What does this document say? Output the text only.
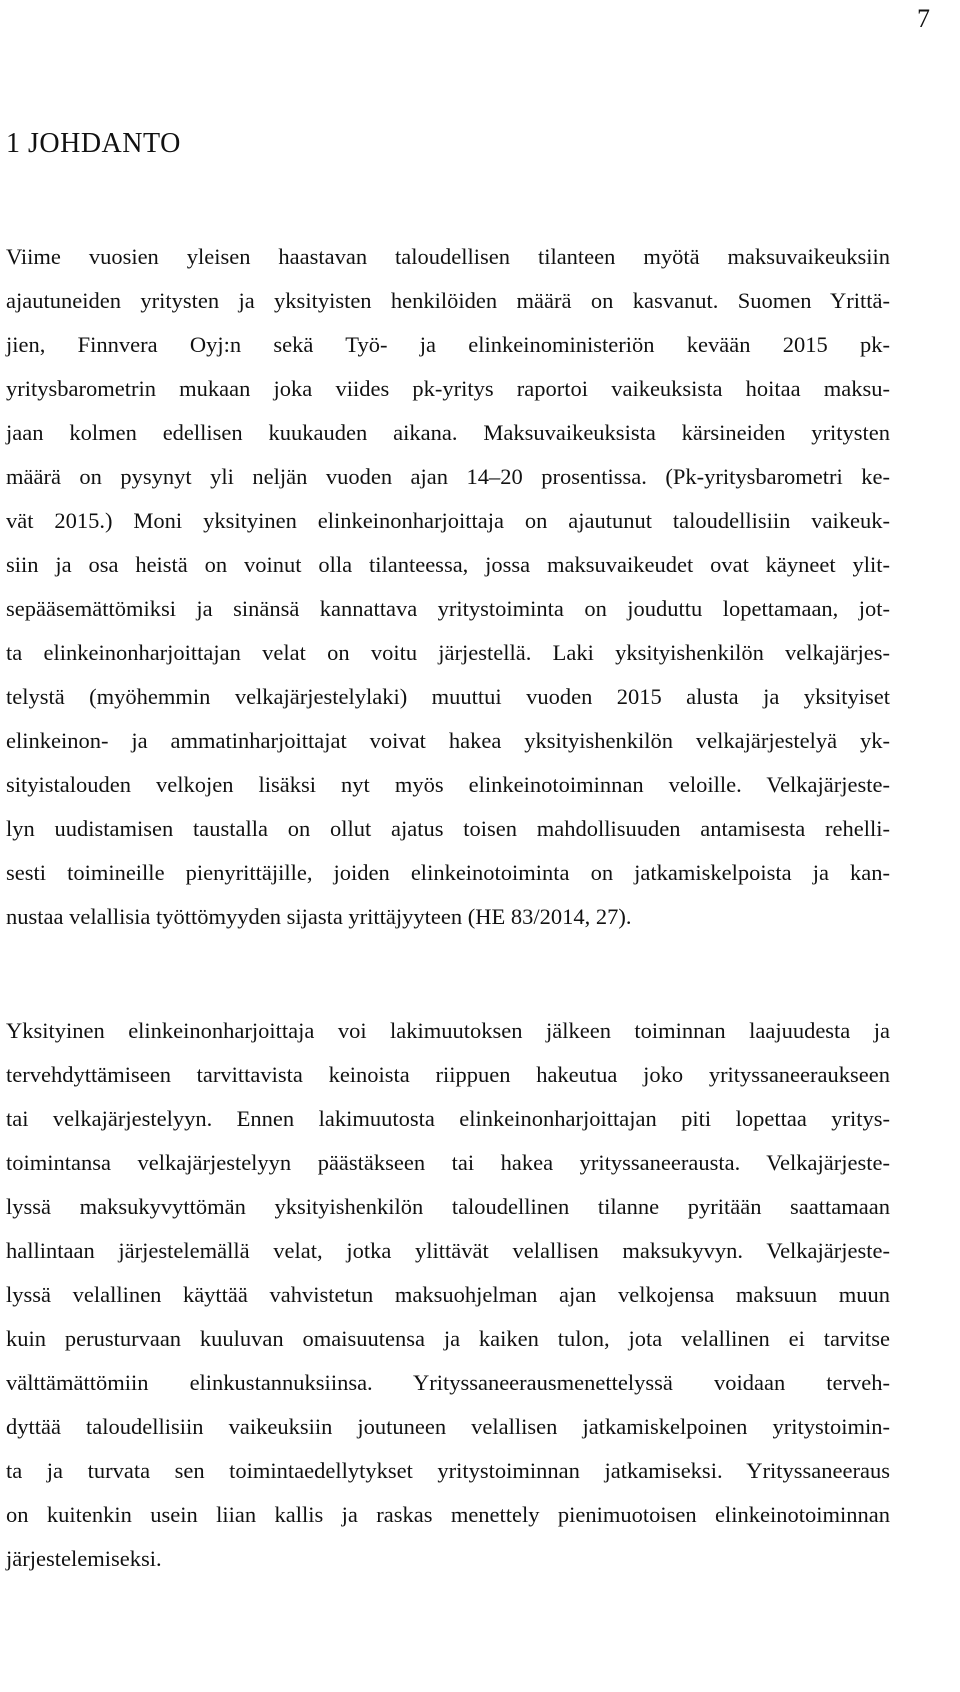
7
1 JOHDANTO
Viime vuosien yleisen haastavan taloudellisen tilanteen myötä maksuvaikeuksiin
ajautuneiden yritysten ja yksityisten henkilöiden määrä on kasvanut. Suomen Yrittä-
jien, Finnvera Oyj:n sekä Työ- ja elinkeinoministeriön kevään 2015 pk-
yritysbarometrin mukaan joka viides pk-yritys raportoi vaikeuksista hoitaa maksu-
jaan kolmen edellisen kuukauden aikana. Maksuvaikeuksista kärsineiden yritysten
määrä on pysynyt yli neljän vuoden ajan 14–20 prosentissa. (Pk-yritysbarometri ke-
vät 2015.) Moni yksityinen elinkeinonharjoittaja on ajautunut taloudellisiin vaikeuk-
siin ja osa heistä on voinut olla tilanteessa, jossa maksuvaikeudet ovat käyneet ylit-
sepääsemättömiksi ja sinänsä kannattava yritystoiminta on jouduttu lopettamaan, jot-
ta elinkeinonharjoittajan velat on voitu järjestellä. Laki yksityishenkilön velkajärjes-
telystä (myöhemmin velkajärjestelylaki) muuttui vuoden 2015 alusta ja yksityiset
elinkeinon- ja ammatinharjoittajat voivat hakea yksityishenkilön velkajärjestelyä yk-
sityistalouden velkojen lisäksi nyt myös elinkeinotoiminnan veloille. Velkajärjeste-
lyn uudistamisen taustalla on ollut ajatus toisen mahdollisuuden antamisesta rehelli-
sesti toimineille pienyrittäjille, joiden elinkeinotoiminta on jatkamiskelpoista ja kan-
nustaa velallisia työttömyyden sijasta yrittäjyyteen (HE 83/2014, 27).
Yksityinen elinkeinonharjoittaja voi lakimuutoksen jälkeen toiminnan laajuudesta ja
tervehdyttämiseen tarvittavista keinoista riippuen hakeutua joko yrityssaneeraukseen
tai velkajärjestelyyn. Ennen lakimuutosta elinkeinonharjoittajan piti lopettaa yritys-
toimintansa velkajärjestelyyn päästäkseen tai hakea yrityssaneerausta. Velkajärjeste-
lyssä maksukyvyttömän yksityishenkilön taloudellinen tilanne pyritään saattamaan
hallintaan järjestelemällä velat, jotka ylittävät velallisen maksukyvyn. Velkajärjeste-
lyssä velallinen käyttää vahvistetun maksuohjelman ajan velkojensa maksuun muun
kuin perusturvaan kuuluvan omaisuutensa ja kaiken tulon, jota velallinen ei tarvitse
välttämättömiin elinkustannuksiinsa. Yrityssaneerausmenettelyssä voidaan terveh-
dyttää taloudellisiin vaikeuksiin joutuneen velallisen jatkamiskelpoinen yritystoimin-
ta ja turvata sen toimintaedellytykset yritystoiminnan jatkamiseksi. Yrityssaneeraus
on kuitenkin usein liian kallis ja raskas menettely pienimuotoisen elinkeinotoiminnan
järjestelemiseksi.
